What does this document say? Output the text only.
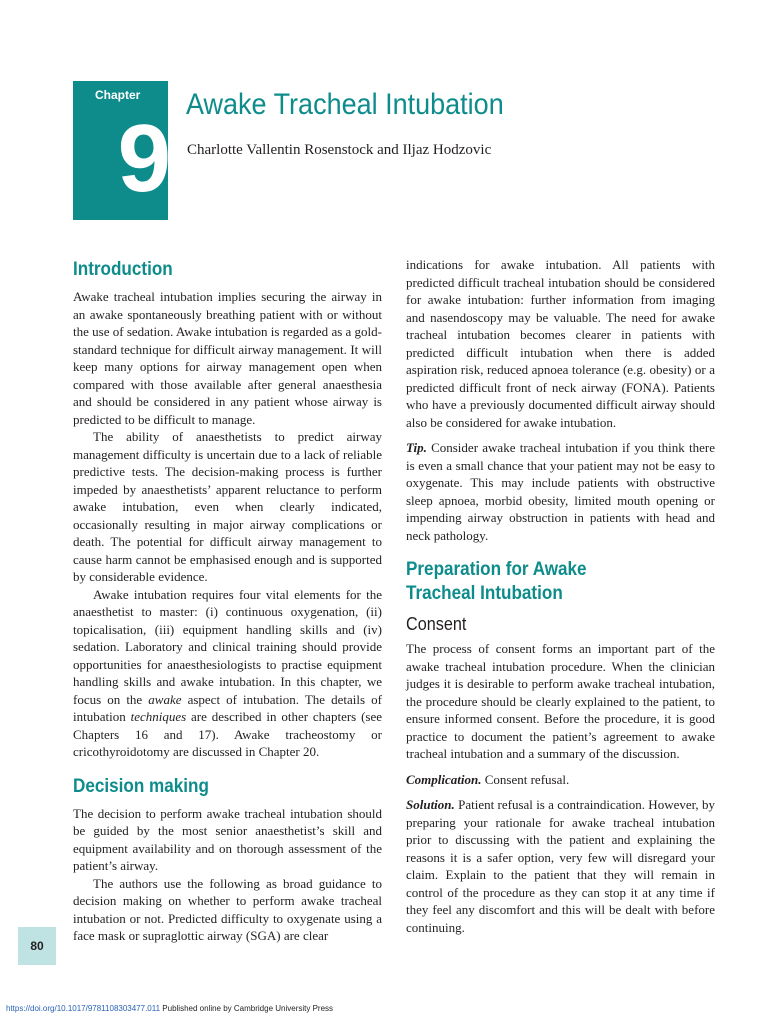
Chapter
9
Awake Tracheal Intubation
Charlotte Vallentin Rosenstock and Iljaz Hodzovic
Introduction

Awake tracheal intubation implies securing the airway in an awake spontaneously breathing patient with or without the use of sedation. Awake intubation is regarded as a gold-standard technique for difficult airway management. It will keep many options for airway management open when compared with those available after general anaesthesia and should be considered in any patient whose airway is predicted to be difficult to manage.

The ability of anaesthetists to predict airway management difficulty is uncertain due to a lack of reliable predictive tests. The decision-making process is further impeded by anaesthetists’ apparent reluctance to perform awake intubation, even when clearly indicated, occasionally resulting in major airway complications or death. The potential for difficult airway management to cause harm cannot be emphasised enough and is supported by considerable evidence.

Awake intubation requires four vital elements for the anaesthetist to master: (i) continuous oxygenation, (ii) topicalisation, (iii) equipment handling skills and (iv) sedation. Laboratory and clinical training should provide opportunities for anaesthesiologists to practise equipment handling skills and awake intubation. In this chapter, we focus on the awake aspect of intubation. The details of intubation techniques are described in other chapters (see Chapters 16 and 17). Awake tracheostomy or cricothyroidotomy are discussed in Chapter 20.

Decision making

The decision to perform awake tracheal intubation should be guided by the most senior anaesthetist’s skill and equipment availability and on thorough assessment of the patient’s airway.

The authors use the following as broad guidance to decision making on whether to perform awake tracheal intubation or not. Predicted difficulty to oxygenate using a face mask or supraglottic airway (SGA) are clear

indications for awake intubation. All patients with predicted difficult tracheal intubation should be considered for awake intubation: further information from imaging and nasendoscopy may be valuable. The need for awake tracheal intubation becomes clearer in patients with predicted difficult intubation when there is added aspiration risk, reduced apnoea tolerance (e.g. obesity) or a predicted difficult front of neck airway (FONA). Patients who have a previously documented difficult airway should also be considered for awake intubation.

Tip. Consider awake tracheal intubation if you think there is even a small chance that your patient may not be easy to oxygenate. This may include patients with obstructive sleep apnoea, morbid obesity, limited mouth opening or impending airway obstruction in patients with head and neck pathology.

Preparation for Awake
Tracheal Intubation
Consent

The process of consent forms an important part of the awake tracheal intubation procedure. When the clinician judges it is desirable to perform awake tracheal intubation, the procedure should be clearly explained to the patient, to ensure informed consent. Before the procedure, it is good practice to document the patient’s agreement to awake tracheal intubation and a summary of the discussion.

Complication. Consent refusal.

Solution. Patient refusal is a contraindication. However, by preparing your rationale for awake tracheal intubation prior to discussing with the patient and explaining the reasons it is a safer option, very few will disregard your claim. Explain to the patient that they will remain in control of the procedure as they can stop it at any time if they feel any discomfort and this will be dealt with before continuing.

80
https://doi.org/10.1017/9781108303477.011 Published online by Cambridge University Press
